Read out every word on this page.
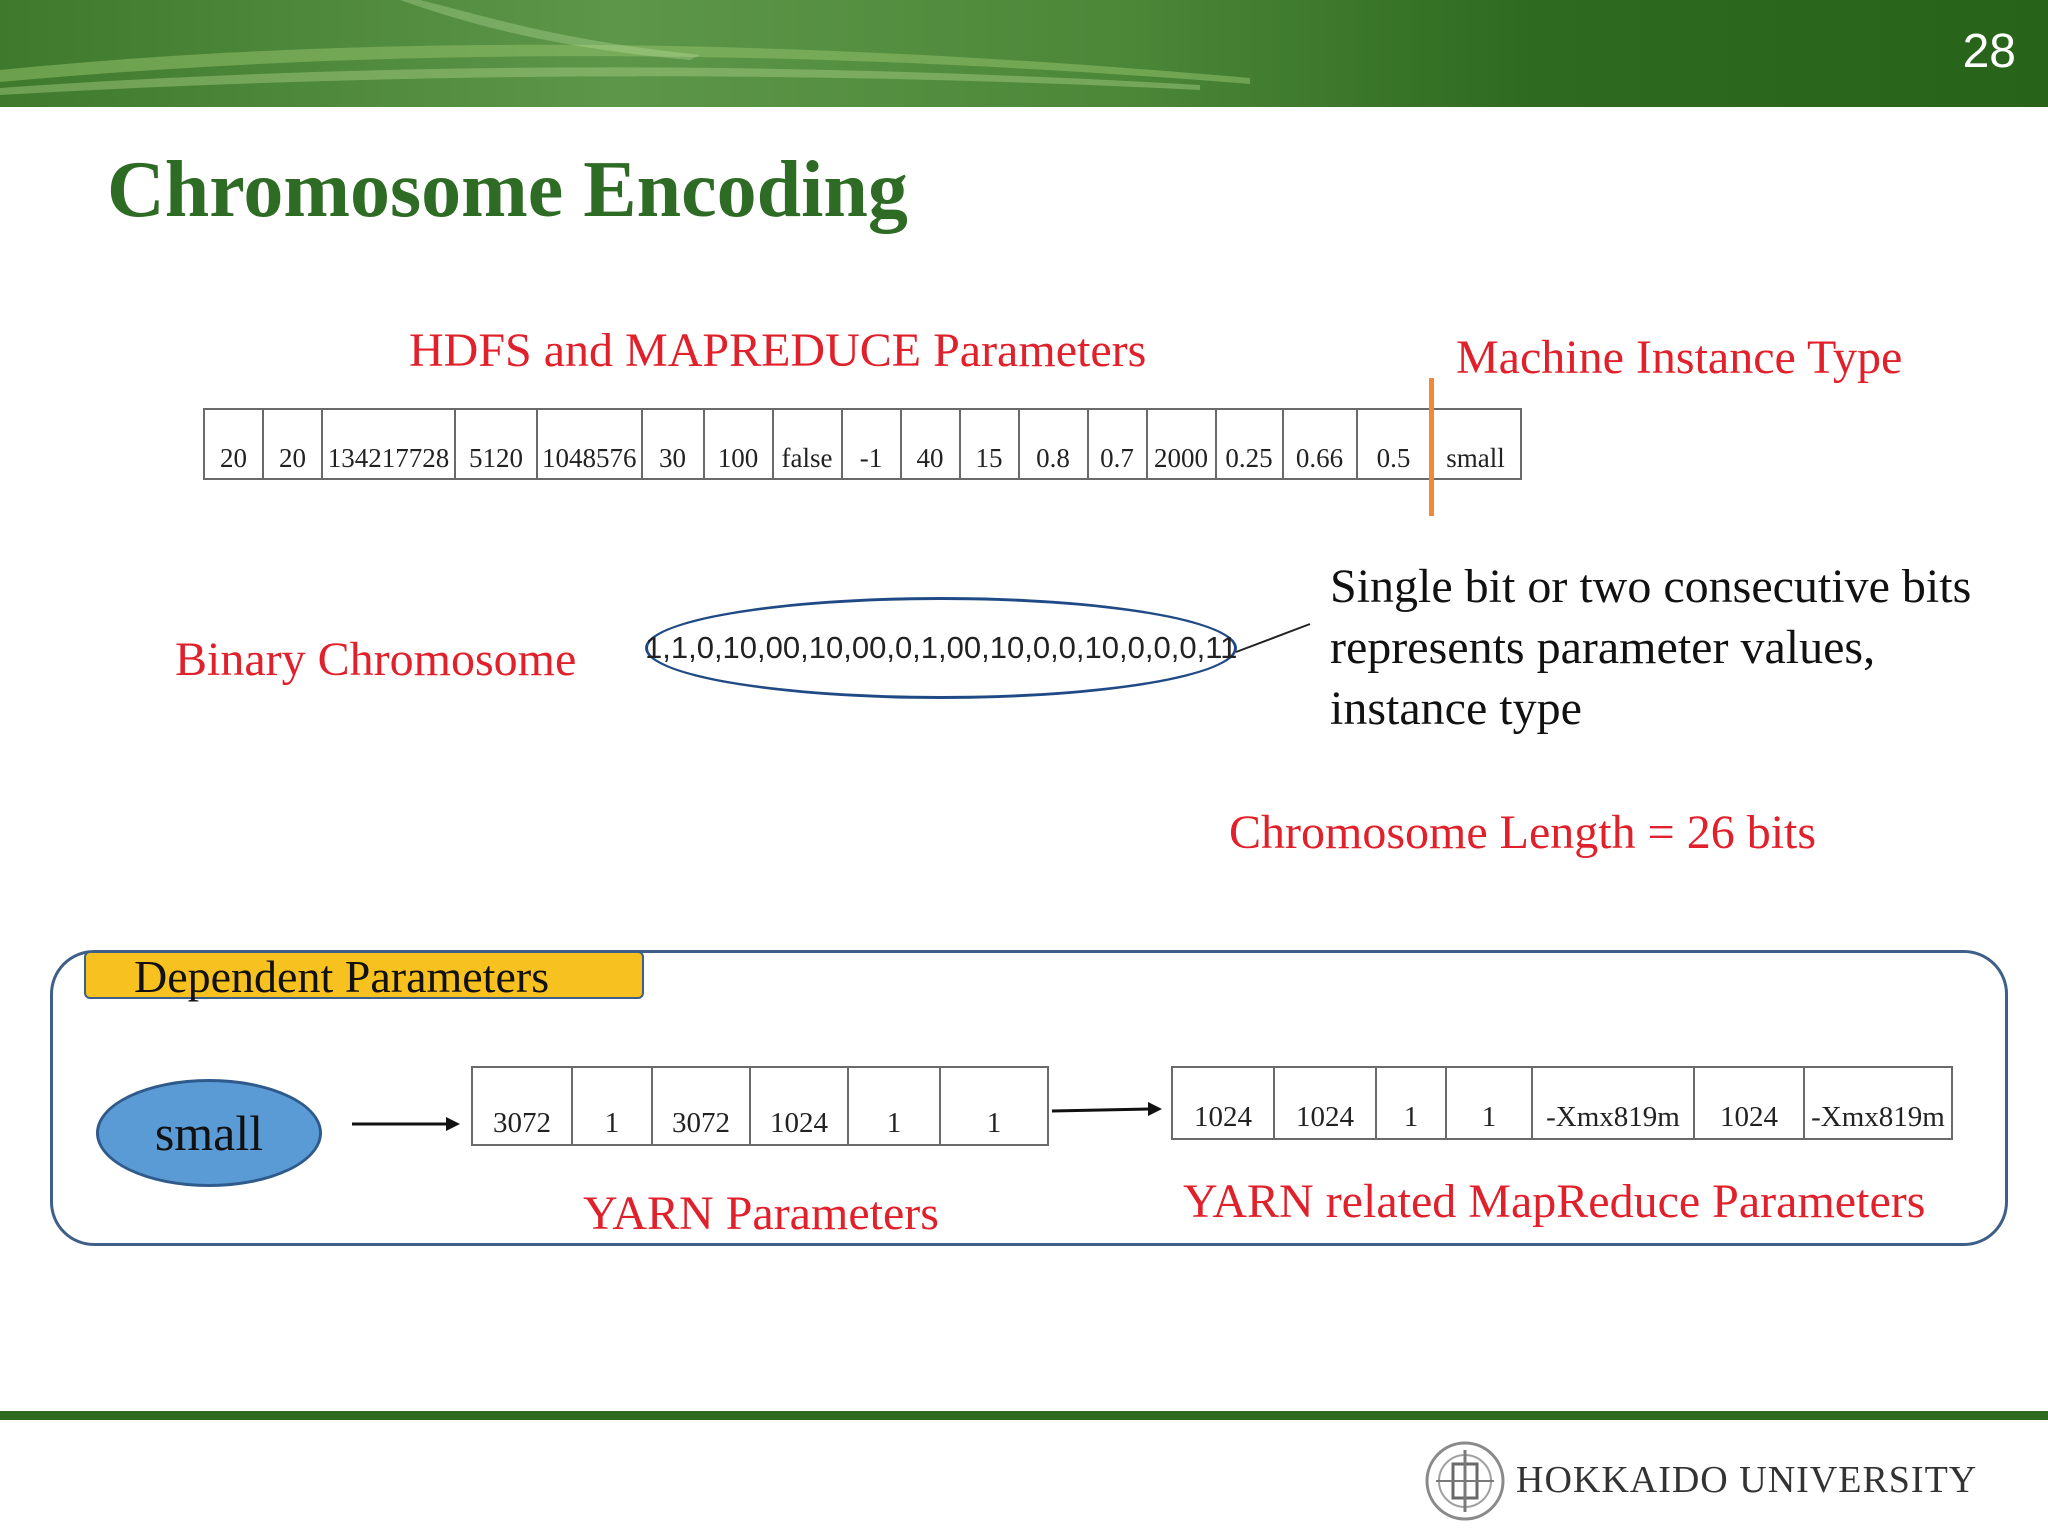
28
Chromosome Encoding
HDFS and MAPREDUCE Parameters	Machine Instance Type
20	20	134217728	5120	1048576	30	100	false	-1	40	15	0.8	0.7	2000	0.25	0.66	0.5	small
Binary Chromosome 1,1,0,10,00,10,00,0,1,00,10,0,0,10,0,0,0,11
Single bit or two consecutive bits
represents parameter values,
instance type
Chromosome Length = 26 bits
Dependent Parameters
small	3072	1	3072	1024	1	1	1024	1024	1	1	-Xmx819m	1024	-Xmx819m
YARN Parameters	YARN related MapReduce Parameters
HOKKAIDO UNIVERSITY
